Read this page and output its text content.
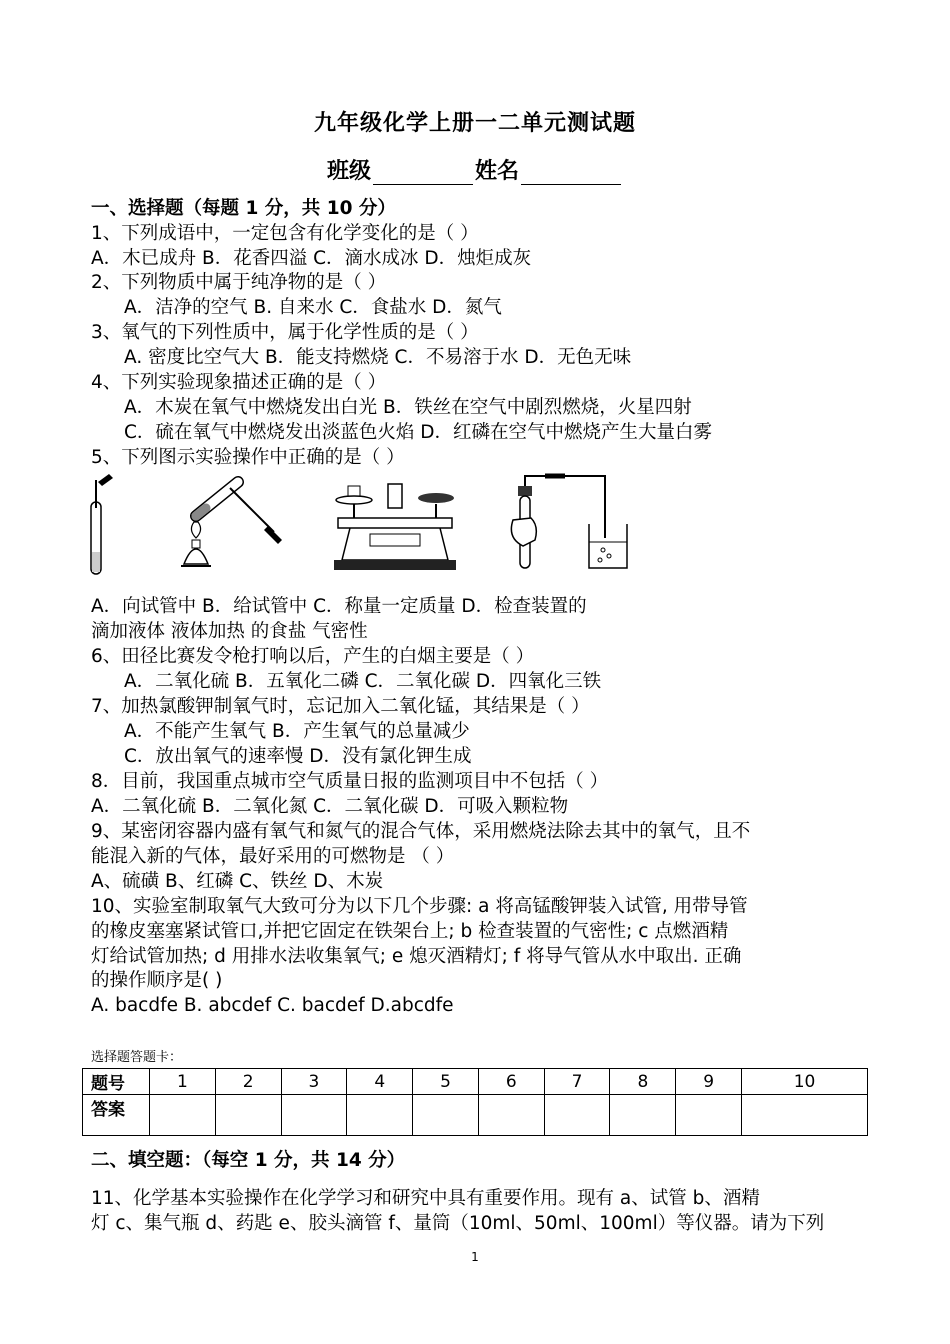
九年级化学上册一二单元测试题
班级	姓名
一、选择题（每题 1 分，共 10 分）
1、下列成语中，一定包含有化学变化的是（ ）
A．木已成舟 B．花香四溢 C．滴水成冰 D．烛炬成灰
2、下列物质中属于纯净物的是（ ）
A．洁净的空气 B. 自来水 C．食盐水 D．氮气
3、氧气的下列性质中，属于化学性质的是（ ）
A. 密度比空气大 B．能支持燃烧 C．不易溶于水 D．无色无味
4、下列实验现象描述正确的是（ ）
A．木炭在氧气中燃烧发出白光 B．铁丝在空气中剧烈燃烧，火星四射
C．硫在氧气中燃烧发出淡蓝色火焰 D．红磷在空气中燃烧产生大量白雾
5、下列图示实验操作中正确的是（ ）
A．向试管中 B．给试管中 C．称量一定质量 D．检查装置的
滴加液体 液体加热 的食盐 气密性
6、田径比赛发令枪打响以后，产生的白烟主要是（ ）
A．二氧化硫 B．五氧化二磷 C．二氧化碳 D．四氧化三铁
7、加热氯酸钾制氧气时，忘记加入二氧化锰，其结果是（ ）
A．不能产生氧气 B．产生氧气的总量减少
C．放出氧气的速率慢 D．没有氯化钾生成
8．目前，我国重点城市空气质量日报的监测项目中不包括（ ）
A．二氧化硫 B．二氧化氮 C．二氧化碳 D．可吸入颗粒物
9、某密闭容器内盛有氧气和氮气的混合气体，采用燃烧法除去其中的氧气，且不
能混入新的气体，最好采用的可燃物是 （ ）
A、硫磺 B、红磷 C、铁丝 D、木炭
10、实验室制取氧气大致可分为以下几个步骤: a 将高锰酸钾装入试管, 用带导管
的橡皮塞塞紧试管口,并把它固定在铁架台上; b 检查装置的气密性; c 点燃酒精
灯给试管加热; d 用排水法收集氧气; e 熄灭酒精灯; f 将导气管从水中取出. 正确
的操作顺序是( )
A. bacdfe B. abcdef C. bacdef D.abcdfe
选择题答题卡：
题号	1	2	3	4	5	6	7	8	9	10
答案										
二、填空题：（每空 1 分，共 14 分）
11、化学基本实验操作在化学学习和研究中具有重要作用。现有 a、试管 b、酒精
灯 c、集气瓶 d、药匙 e、胶头滴管 f、量筒（10ml、50ml、100ml）等仪器。请为下列
1
